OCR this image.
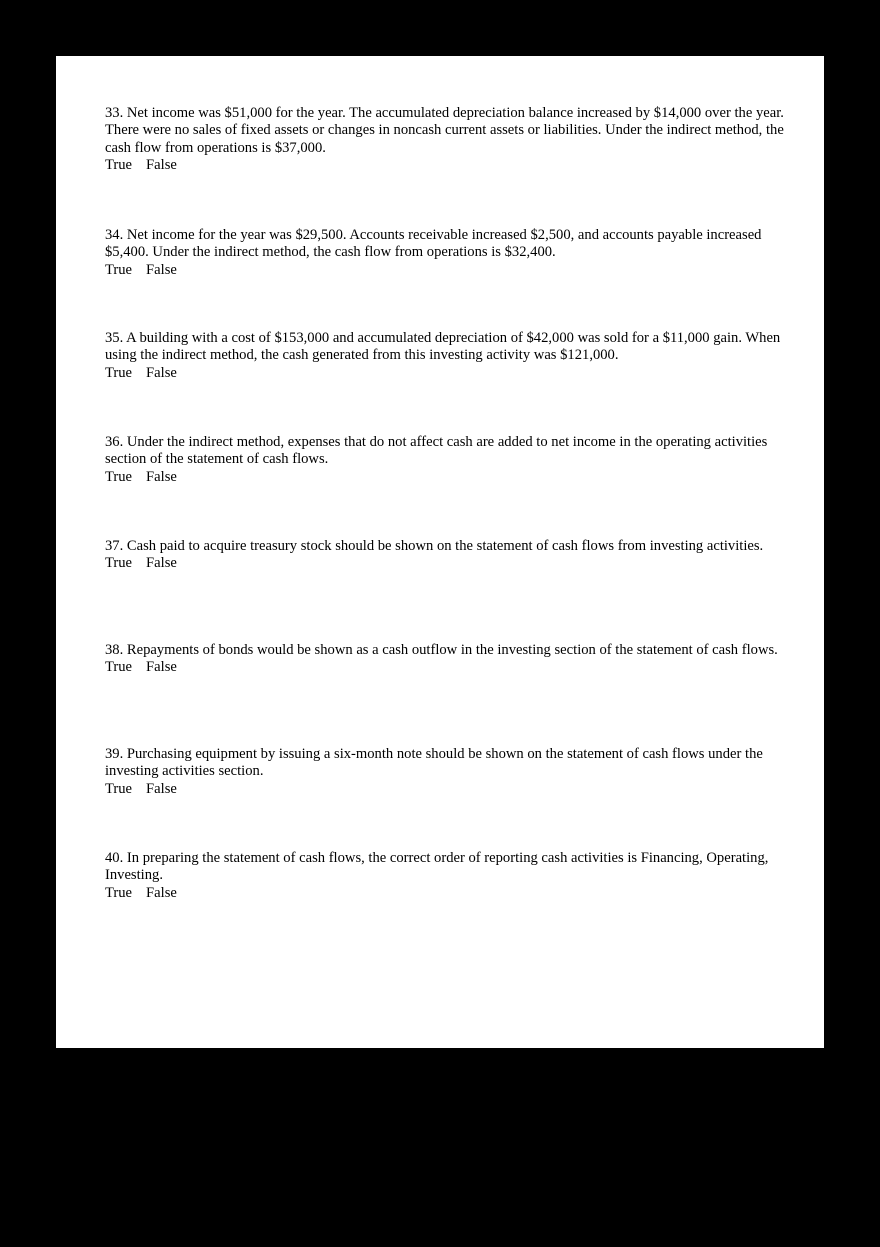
33. Net income was $51,000 for the year. The accumulated depreciation balance increased by $14,000 over the year. There were no sales of fixed assets or changes in noncash current assets or liabilities. Under the indirect method, the cash flow from operations is $37,000.

True False

34. Net income for the year was $29,500. Accounts receivable increased $2,500, and accounts payable increased $5,400. Under the indirect method, the cash flow from operations is $32,400.

True False

35. A building with a cost of $153,000 and accumulated depreciation of $42,000 was sold for a $11,000 gain. When using the indirect method, the cash generated from this investing activity was $121,000.

True False

36. Under the indirect method, expenses that do not affect cash are added to net income in the operating activities section of the statement of cash flows.

True False

37. Cash paid to acquire treasury stock should be shown on the statement of cash flows from investing activities.

True False

38. Repayments of bonds would be shown as a cash outflow in the investing section of the statement of cash flows.

True False

39. Purchasing equipment by issuing a six-month note should be shown on the statement of cash flows under the investing activities section.

True False

40. In preparing the statement of cash flows, the correct order of reporting cash activities is Financing, Operating, Investing.

True False
